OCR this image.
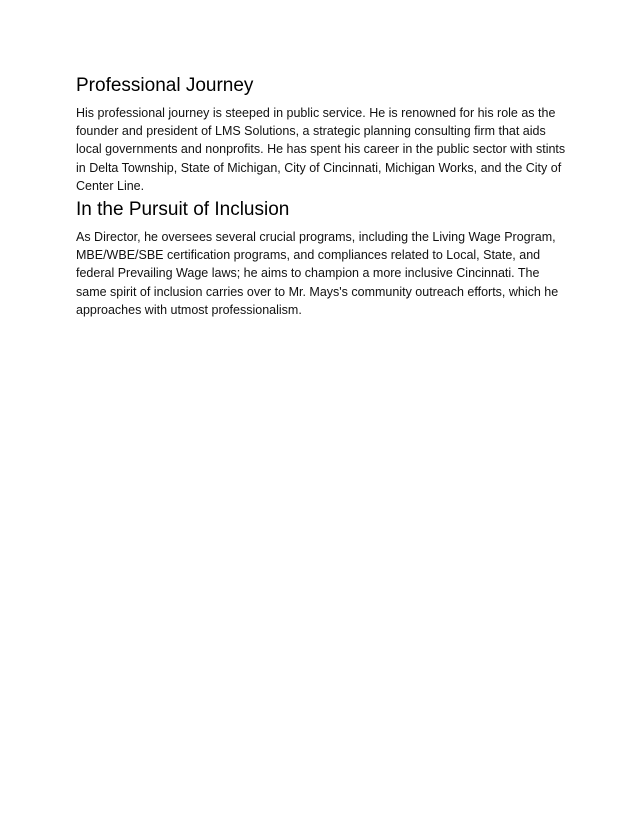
Professional Journey

His professional journey is steeped in public service. He is renowned for his role as the founder and president of LMS Solutions, a strategic planning consulting firm that aids local governments and nonprofits. He has spent his career in the public sector with stints in Delta Township, State of Michigan, City of Cincinnati, Michigan Works, and the City of Center Line.

In the Pursuit of Inclusion

As Director, he oversees several crucial programs, including the Living Wage Program, MBE/WBE/SBE certification programs, and compliances related to Local, State, and federal Prevailing Wage laws; he aims to champion a more inclusive Cincinnati. The same spirit of inclusion carries over to Mr. Mays's community outreach efforts, which he approaches with utmost professionalism.
